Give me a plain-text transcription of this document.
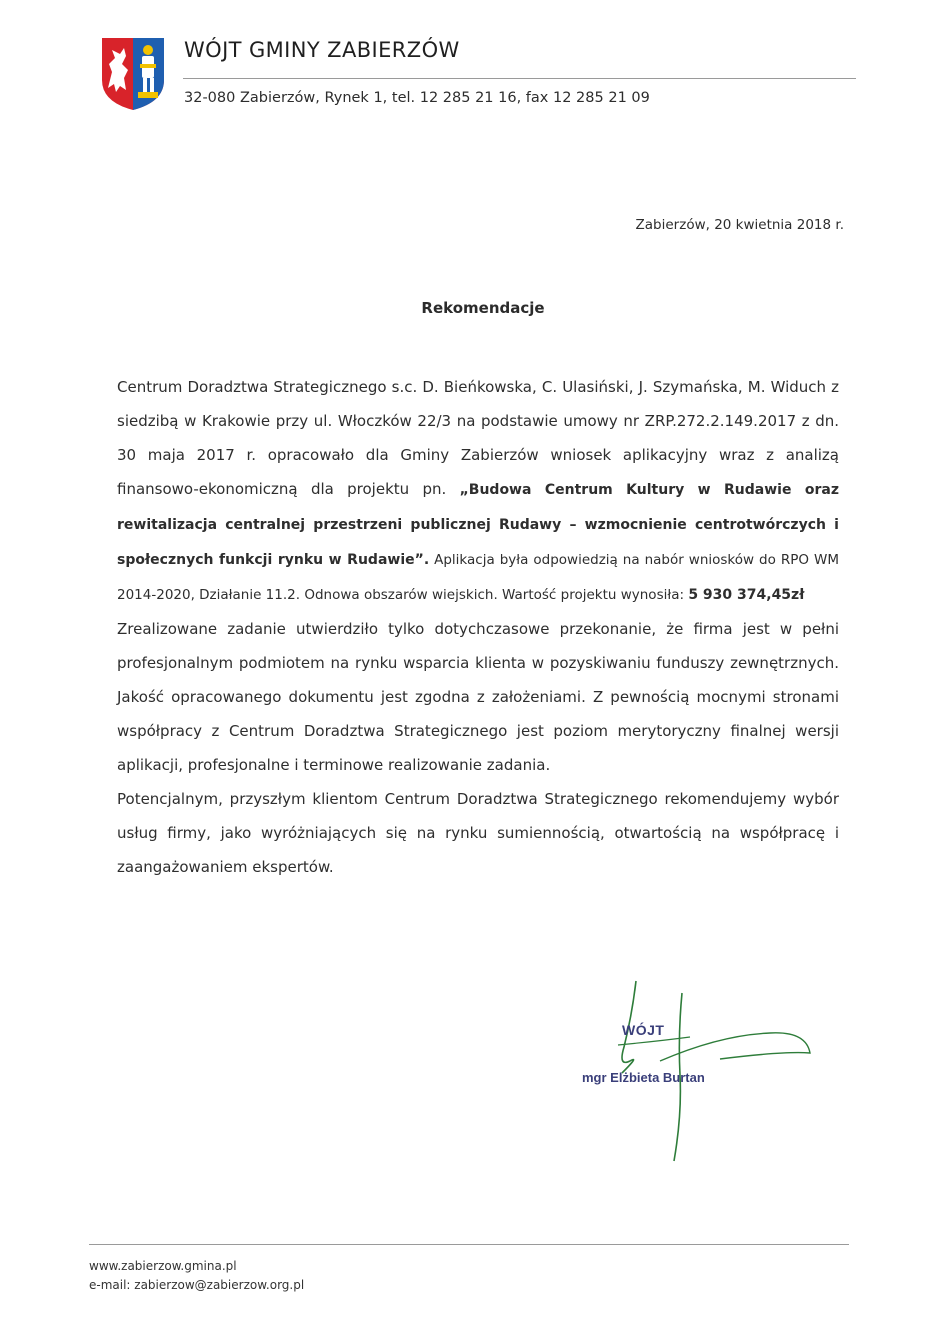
WÓJT GMINY ZABIERZÓW
32-080 Zabierzów, Rynek 1, tel. 12 285 21 16, fax 12 285 21 09
Zabierzów, 20 kwietnia 2018 r.
Rekomendacje

Centrum Doradztwa Strategicznego s.c. D. Bieńkowska, C. Ulasiński, J. Szymańska, M. Widuch z siedzibą w Krakowie przy ul. Włoczków 22/3 na podstawie umowy nr ZRP.272.2.149.2017 z dn. 30 maja 2017 r. opracowało dla Gminy Zabierzów wniosek aplikacyjny wraz z analizą finansowo-ekonomiczną dla projektu pn. „Budowa Centrum Kultury w Rudawie oraz rewitalizacja centralnej przestrzeni publicznej Rudawy – wzmocnienie centrotwórczych i społecznych funkcji rynku w Rudawie”. Aplikacja była odpowiedzią na nabór wniosków do RPO WM 2014-2020, Działanie 11.2. Odnowa obszarów wiejskich. Wartość projektu wynosiła: 5 930 374,45zł

Zrealizowane zadanie utwierdziło tylko dotychczasowe przekonanie, że firma jest w pełni profesjonalnym podmiotem na rynku wsparcia klienta w pozyskiwaniu funduszy zewnętrznych. Jakość opracowanego dokumentu jest zgodna z założeniami. Z pewnością mocnymi stronami współpracy z Centrum Doradztwa Strategicznego jest poziom merytoryczny finalnej wersji aplikacji, profesjonalne i terminowe realizowanie zadania.

Potencjalnym, przyszłym klientom Centrum Doradztwa Strategicznego rekomendujemy wybór usług firmy, jako wyróżniających się na rynku sumiennością, otwartością na współpracę i zaangażowaniem ekspertów.

WÓJT
mgr Elżbieta Burtan
www.zabierzow.gmina.pl
e-mail: zabierzow@zabierzow.org.pl
